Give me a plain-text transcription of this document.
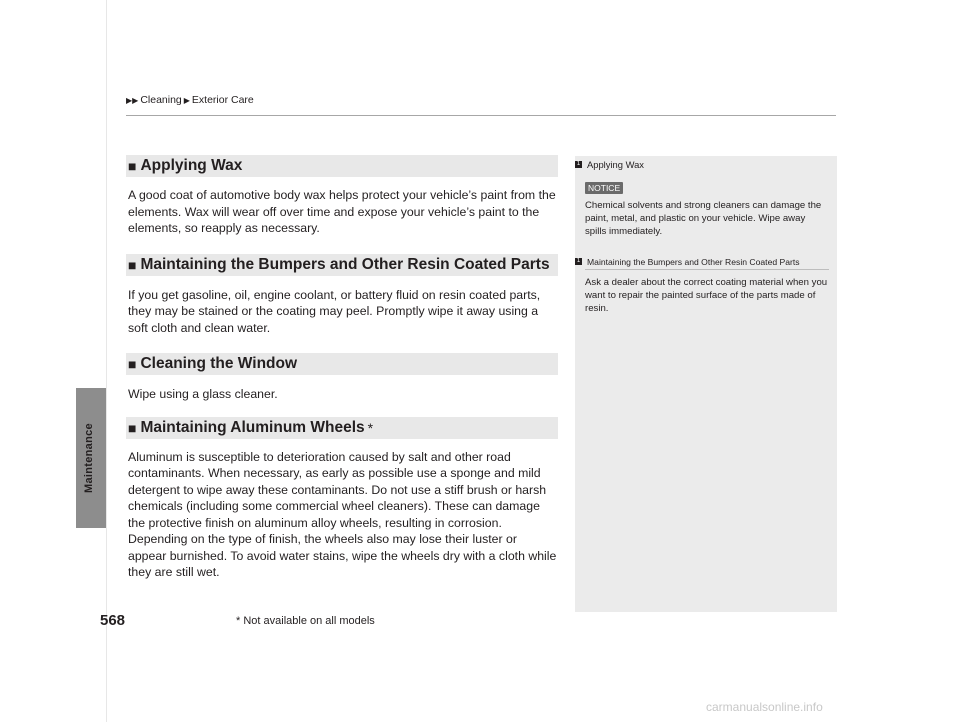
Maintenance
▶▶ Cleaning ▶ Exterior Care
■ Applying Wax

A good coat of automotive body wax helps protect your vehicle’s paint from the elements. Wax will wear off over time and expose your vehicle’s paint to the elements, so reapply as necessary.

■ Maintaining the Bumpers and Other Resin Coated Parts

If you get gasoline, oil, engine coolant, or battery fluid on resin coated parts, they may be stained or the coating may peel. Promptly wipe it away using a soft cloth and clean water.

■ Cleaning the Window

Wipe using a glass cleaner.

■ Maintaining Aluminum Wheels *

Aluminum is susceptible to deterioration caused by salt and other road contaminants. When necessary, as early as possible use a sponge and mild detergent to wipe away these contaminants. Do not use a stiff brush or harsh chemicals (including some commercial wheel cleaners). These can damage the protective finish on aluminum alloy wheels, resulting in corrosion. Depending on the type of finish, the wheels also may lose their luster or appear burnished. To avoid water stains, wipe the wheels dry with a cloth while they are still wet.

1 Applying Wax
NOTICE
Chemical solvents and strong cleaners can damage the paint, metal, and plastic on your vehicle. Wipe away spills immediately.
1 Maintaining the Bumpers and Other Resin Coated Parts
Ask a dealer about the correct coating material when you want to repair the painted surface of the parts made of resin.
568	* Not available on all models
carmanualsonline.info
